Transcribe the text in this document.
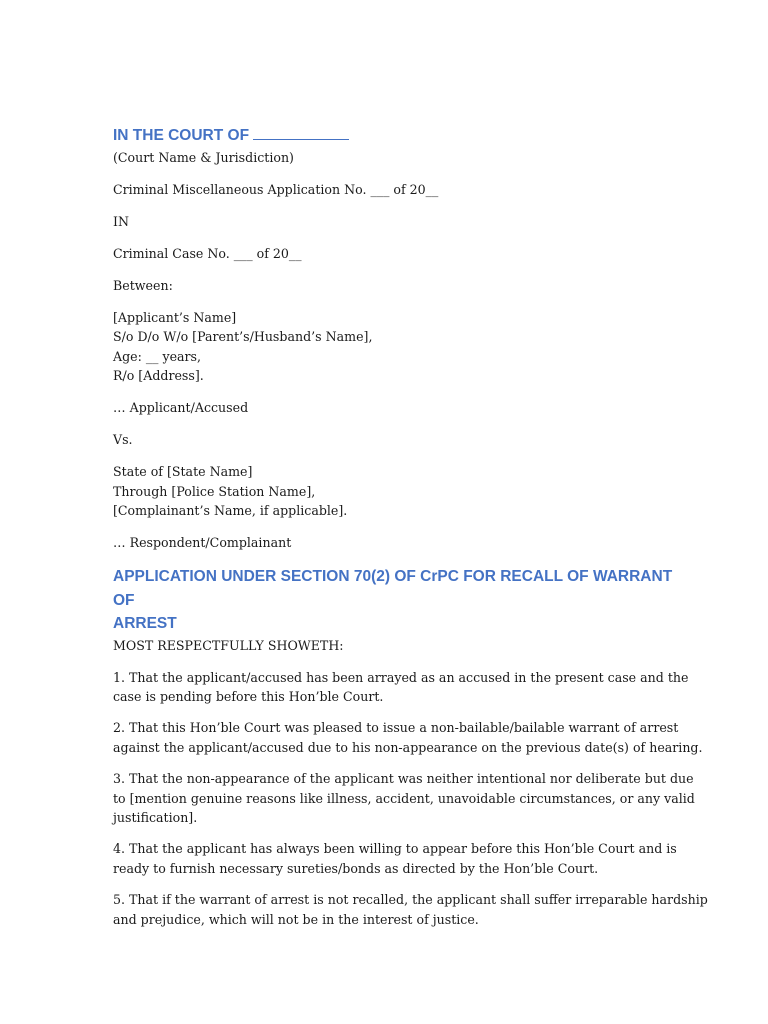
IN THE COURT OF

(Court Name & Jurisdiction)

Criminal Miscellaneous Application No. ___ of 20__

IN

Criminal Case No. ___ of 20__

Between:

[Applicant’s Name]

S/o D/o W/o [Parent’s/Husband’s Name],

Age: __ years,

R/o [Address].

… Applicant/Accused

Vs.

State of [State Name]

Through [Police Station Name],

[Complainant’s Name, if applicable].

… Respondent/Complainant

APPLICATION UNDER SECTION 70(2) OF CrPC FOR RECALL OF WARRANT OF
ARREST

MOST RESPECTFULLY SHOWETH:

1. That the applicant/accused has been arrayed as an accused in the present case and the

case is pending before this Hon’ble Court.

2. That this Hon’ble Court was pleased to issue a non-bailable/bailable warrant of arrest

against the applicant/accused due to his non-appearance on the previous date(s) of hearing.

3. That the non-appearance of the applicant was neither intentional nor deliberate but due

to [mention genuine reasons like illness, accident, unavoidable circumstances, or any valid

justification].

4. That the applicant has always been willing to appear before this Hon’ble Court and is

ready to furnish necessary sureties/bonds as directed by the Hon’ble Court.

5. That if the warrant of arrest is not recalled, the applicant shall suffer irreparable hardship

and prejudice, which will not be in the interest of justice.
